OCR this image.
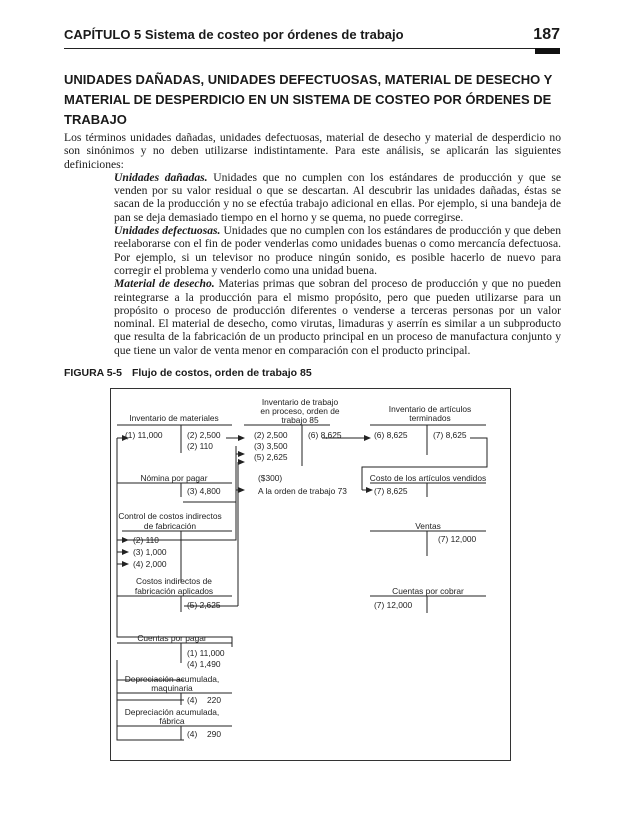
CAPÍTULO 5 Sistema de costeo por órdenes de trabajo	187
UNIDADES DAÑADAS, UNIDADES DEFECTUOSAS, MATERIAL DE DESECHO Y MATERIAL DE DESPERDICIO EN UN SISTEMA DE COSTEO POR ÓRDENES DE TRABAJO

Los términos unidades dañadas, unidades defectuosas, material de desecho y material de desperdicio no son sinónimos y no deben utilizarse indistintamente. Para este análisis, se aplicarán las siguientes definiciones:

Unidades dañadas. Unidades que no cumplen con los estándares de producción y que se venden por su valor residual o que se descartan. Al descubrir las unidades dañadas, éstas se sacan de la producción y no se efectúa trabajo adicional en ellas. Por ejemplo, si una bandeja de pan se deja demasiado tiempo en el horno y se quema, no puede corregirse.

Unidades defectuosas. Unidades que no cumplen con los estándares de producción y que deben reelaborarse con el fin de poder venderlas como unidades buenas o como mercancía defectuosa. Por ejemplo, si un televisor no produce ningún sonido, es posible hacerlo de nuevo para corregir el problema y venderlo como una unidad buena.

Material de desecho. Materias primas que sobran del proceso de producción y que no pueden reintegrarse a la producción para el mismo propósito, pero que pueden utilizarse para un propósito o proceso de producción diferentes o venderse a terceras personas por un valor nominal. El material de desecho, como virutas, limaduras y aserrín es similar a un subproducto que resulta de la fabricación de un producto principal en un proceso de manufactura conjunto y que tiene un valor de venta menor en comparación con el producto principal.

FIGURA 5-5 Flujo de costos, orden de trabajo 85
Inventario de materiales
(1) 11,000	(2) 2,500
(2) 110
Inventario de trabajo
en proceso, orden de
trabajo 85
(2) 2,500
(3) 3,500
(5) 2,625
(6) 8,625
Inventario de artículos
terminados
(6) 8,625	(7) 8,625
Nómina por pagar
(3) 4,800
($300)
A la orden de trabajo 73
Costo de los artículos vendidos
(7) 8,625
Control de costos indirectos
de fabricación
(2) 110
(3) 1,000
(4) 2,000
Ventas
(7) 12,000
Costos indirectos de
fabricación aplicados
(5) 2,625
Cuentas por cobrar
(7) 12,000
Cuentas por pagar
(1) 11,000
(4) 1,490
Depreciación acumulada,
maquinaria
(4) 220
Depreciación acumulada,
fábrica
(4) 290
